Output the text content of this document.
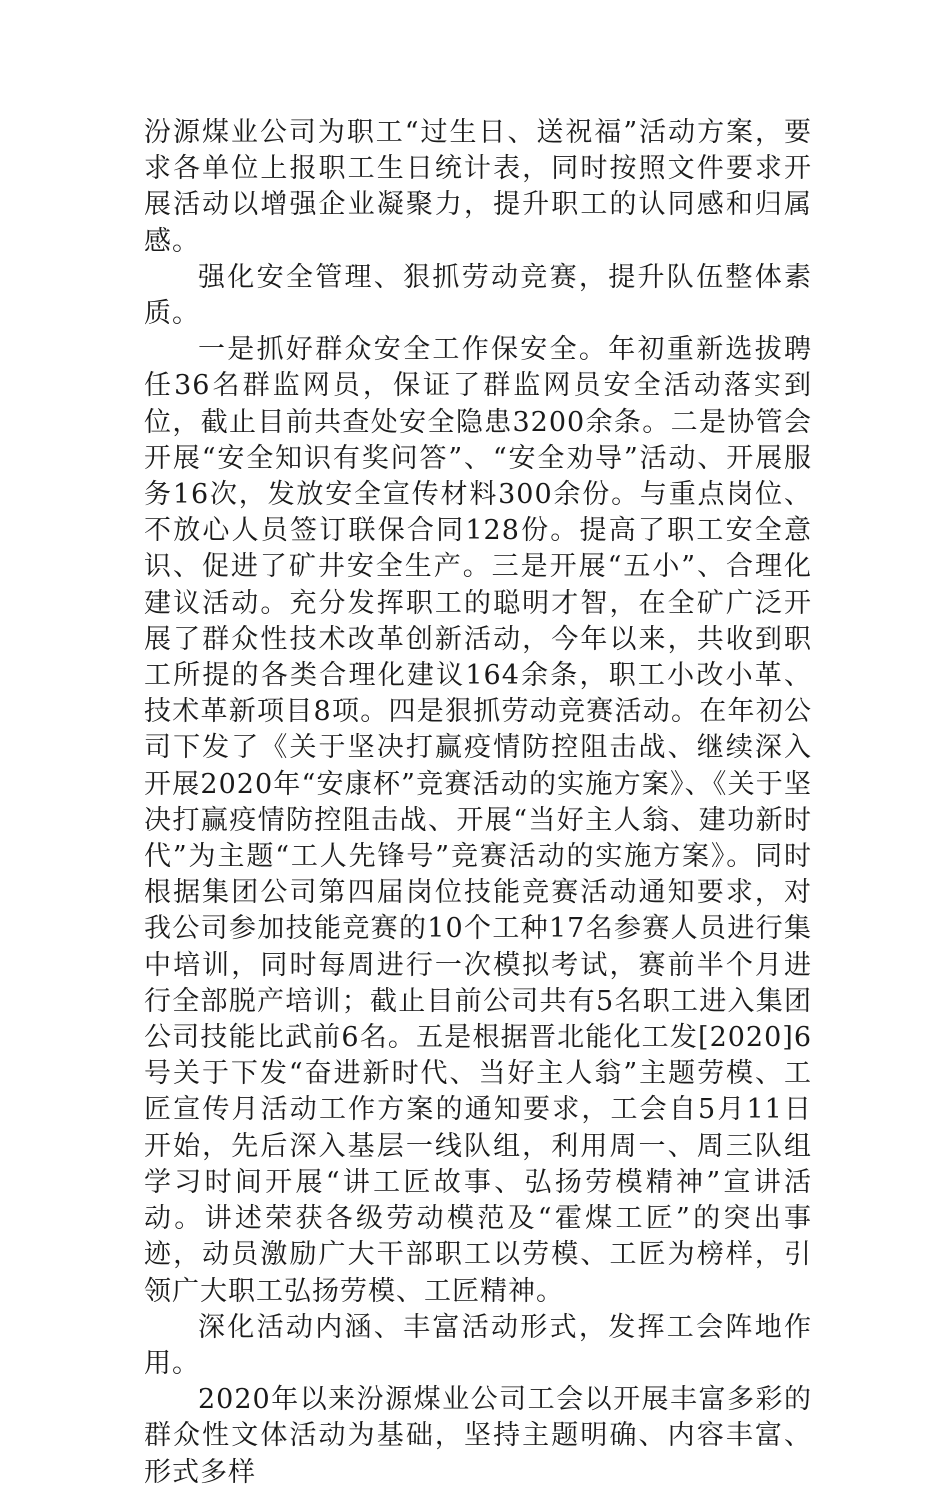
汾源煤业公司为职工“过生日、送祝福”活动方案，要求各单位上报职工生日统计表，同时按照文件要求开展活动以增强企业凝聚力，提升职工的认同感和归属感。

强化安全管理、狠抓劳动竞赛，提升队伍整体素质。

一是抓好群众安全工作保安全。年初重新选拔聘任36名群监网员，保证了群监网员安全活动落实到位，截止目前共查处安全隐患3200余条。二是协管会开展“安全知识有奖问答”、“安全劝导”活动、开展服务16次，发放安全宣传材料300余份。与重点岗位、不放心人员签订联保合同128份。提高了职工安全意识、促进了矿井安全生产。三是开展“五小”、合理化建议活动。充分发挥职工的聪明才智，在全矿广泛开展了群众性技术改革创新活动，今年以来，共收到职工所提的各类合理化建议164余条，职工小改小革、技术革新项目8项。四是狠抓劳动竞赛活动。在年初公司下发了《关于坚决打赢疫情防控阻击战、继续深入开展2020年“安康杯”竞赛活动的实施方案》、《关于坚决打赢疫情防控阻击战、开展“当好主人翁、建功新时代”为主题“工人先锋号”竞赛活动的实施方案》。同时根据集团公司第四届岗位技能竞赛活动通知要求，对我公司参加技能竞赛的10个工种17名参赛人员进行集中培训，同时每周进行一次模拟考试，赛前半个月进行全部脱产培训；截止目前公司共有5名职工进入集团公司技能比武前6名。五是根据晋北能化工发[2020]6号关于下发“奋进新时代、当好主人翁”主题劳模、工匠宣传月活动工作方案的通知要求，工会自5月11日开始，先后深入基层一线队组，利用周一、周三队组学习时间开展“讲工匠故事、弘扬劳模精神”宣讲活动。讲述荣获各级劳动模范及“霍煤工匠”的突出事迹，动员激励广大干部职工以劳模、工匠为榜样，引领广大职工弘扬劳模、工匠精神。

深化活动内涵、丰富活动形式，发挥工会阵地作用。

2020年以来汾源煤业公司工会以开展丰富多彩的群众性文体活动为基础，坚持主题明确、内容丰富、形式多样
